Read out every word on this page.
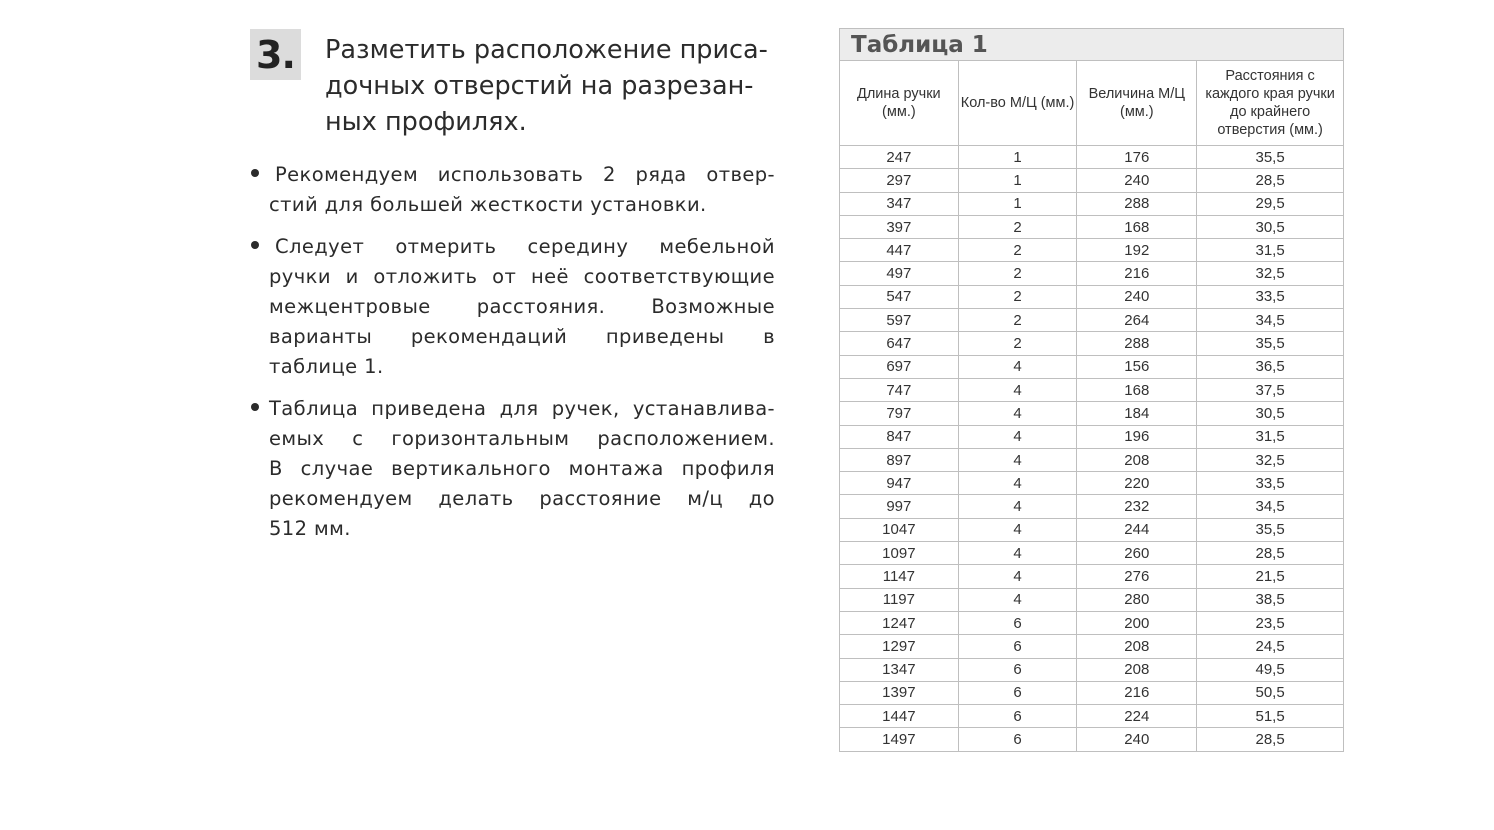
3. Разметить расположение приса-
дочных отверстий на разрезан-
ных профилях.
Рекомендуем использовать 2 ряда отвер-
стий для большей жесткости установки.
Следует отмерить середину мебельной
ручки и отложить от неё соответствующие
межцентровые расстояния. Возможные
варианты рекомендаций приведены в
таблице 1.
Таблица приведена для ручек, устанавлива-
емых с горизонтальным расположением.
В случае вертикального монтажа профиля
рекомендуем делать расстояние м/ц до
512 мм.
Таблица 1			
Длина ручки (мм.)	Кол-во М/Ц (мм.)	Величина М/Ц (мм.)	Расстояния с каждого края ручки до крайнего отверстия (мм.)
247	1	176	35,5
297	1	240	28,5
347	1	288	29,5
397	2	168	30,5
447	2	192	31,5
497	2	216	32,5
547	2	240	33,5
597	2	264	34,5
647	2	288	35,5
697	4	156	36,5
747	4	168	37,5
797	4	184	30,5
847	4	196	31,5
897	4	208	32,5
947	4	220	33,5
997	4	232	34,5
1047	4	244	35,5
1097	4	260	28,5
1147	4	276	21,5
1197	4	280	38,5
1247	6	200	23,5
1297	6	208	24,5
1347	6	208	49,5
1397	6	216	50,5
1447	6	224	51,5
1497	6	240	28,5
